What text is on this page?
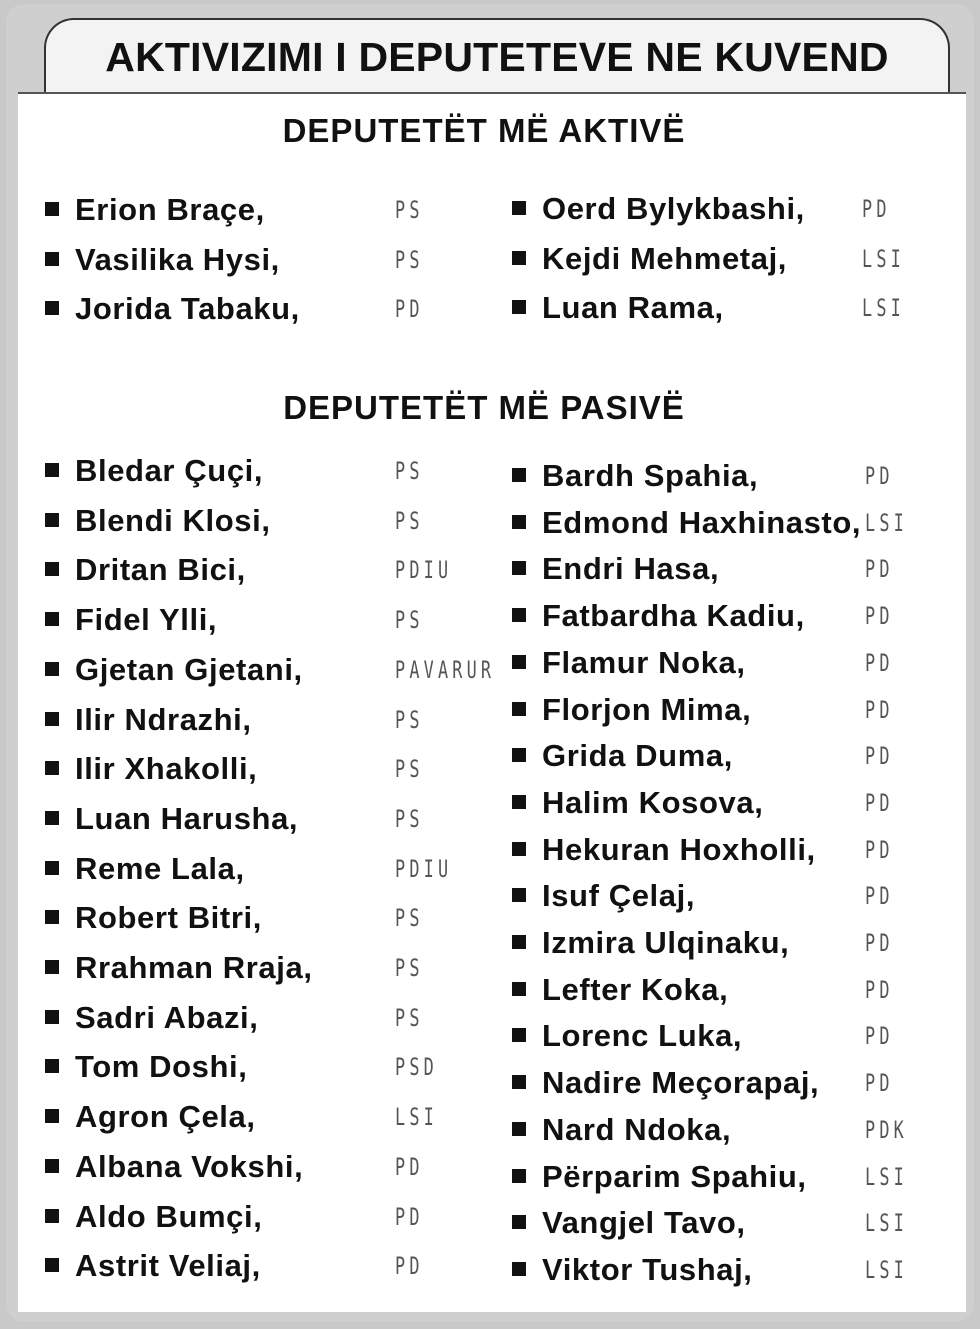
AKTIVIZIMI I DEPUTETEVE NE KUVEND
DEPUTETËT MË AKTIVË
DEPUTETËT MË PASIVË
Erion Braçe,	PS
Vasilika Hysi,	PS
Jorida Tabaku,	PD
Oerd Bylykbashi, PD
Kejdi Mehmetaj,	LSI
Luan Rama,	LSI
Bledar Çuçi,	PS
Blendi Klosi,	PS
Dritan Bici,	PDIU
Fidel Ylli,	PS
Gjetan Gjetani,	PAVARUR
Ilir Ndrazhi,	PS
Ilir Xhakolli,	PS
Luan Harusha,	PS
Reme Lala,	PDIU
Robert Bitri,	PS
Rrahman Rraja,	PS
Sadri Abazi,	PS
Tom Doshi,	PSD
Agron Çela,	LSI
Albana Vokshi,	PD
Aldo Bumçi,	PD
Astrit Veliaj,	PD
Bardh Spahia,	PD
Edmond Haxhinasto, LSI
Endri Hasa,	PD
Fatbardha Kadiu,	PD
Flamur Noka,	PD
Florjon Mima,	PD
Grida Duma,	PD
Halim Kosova,	PD
Hekuran Hoxholli, PD
Isuf Çelaj,	PD
Izmira Ulqinaku,	PD
Lefter Koka,	PD
Lorenc Luka,	PD
Nadire Meçorapaj, PD
Nard Ndoka,	PDK
Përparim Spahiu, LSI
Vangjel Tavo,	LSI
Viktor Tushaj,	LSI
